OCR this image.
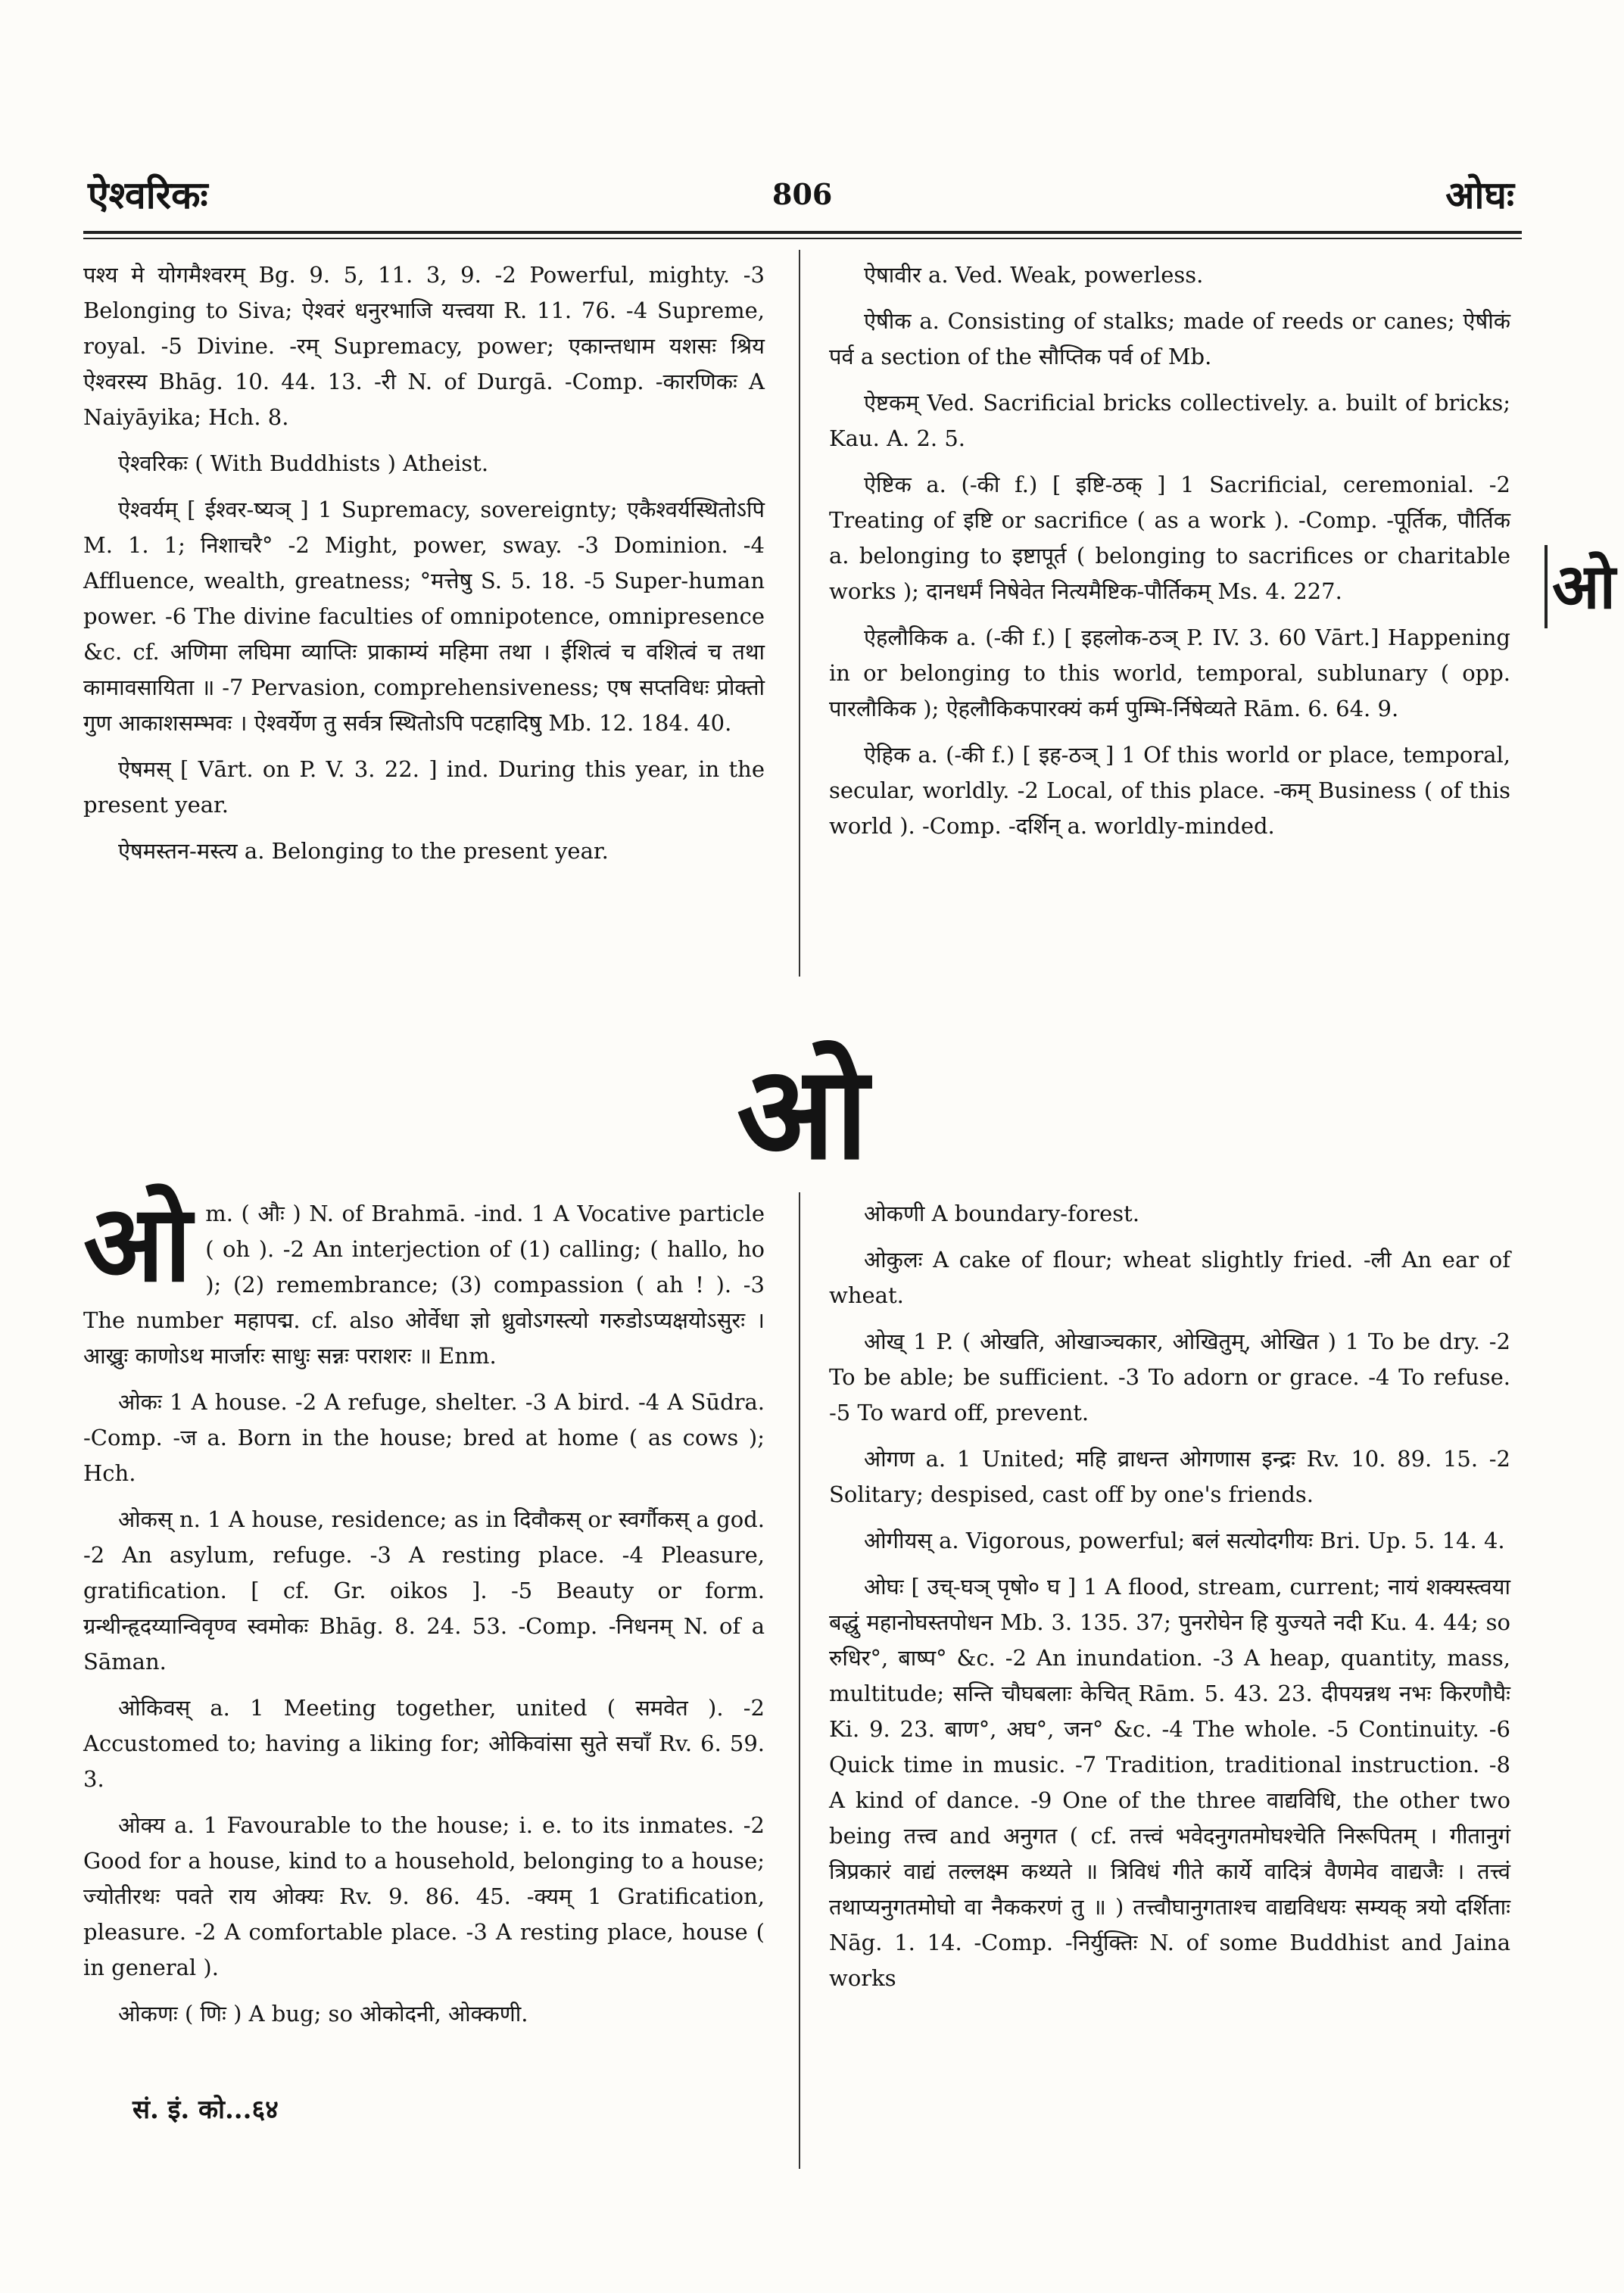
ऐश्वरिकः	806	ओघः
ओ

पश्य मे योगमैश्वरम् Bg. 9. 5, 11. 3, 9. -2 Powerful, mighty. -3 Belonging to Siva; ऐश्वरं धनुरभाजि यत्त्वया R. 11. 76. -4 Supreme, royal. -5 Divine. -रम् Supremacy, power; एकान्तधाम यशसः श्रिय ऐश्वरस्य Bhāg. 10. 44. 13. -री N. of Durgā. -Comp. -कारणिकः A Naiyāyika; Hch. 8.

ऐश्वरिकः ( With Buddhists ) Atheist.

ऐश्वर्यम् [ ईश्वर-ष्यञ् ] 1 Supremacy, sovereignty; एकैश्वर्यस्थितोऽपि M. 1. 1; निशाचरै° -2 Might, power, sway. -3 Dominion. -4 Affluence, wealth, greatness; °मत्तेषु S. 5. 18. -5 Super-human power. -6 The divine faculties of omnipotence, omnipresence &c. cf. अणिमा लघिमा व्याप्तिः प्राकाम्यं महिमा तथा । ईशित्वं च वशित्वं च तथा कामावसायिता ॥ -7 Pervasion, comprehensiveness; एष सप्तविधः प्रोक्तो गुण आकाशसम्भवः । ऐश्वर्येण तु सर्वत्र स्थितोऽपि पटहादिषु Mb. 12. 184. 40.

ऐषमस् [ Vārt. on P. V. 3. 22. ] ind. During this year, in the present year.

ऐषमस्तन-मस्त्य a. Belonging to the present year.

ऐषावीर a. Ved. Weak, powerless.

ऐषीक a. Consisting of stalks; made of reeds or canes; ऐषीकं पर्व a section of the सौप्तिक पर्व of Mb.

ऐष्टकम् Ved. Sacrificial bricks collectively. a. built of bricks; Kau. A. 2. 5.

ऐष्टिक a. (-की f.) [ इष्टि-ठक् ] 1 Sacrificial, ceremonial. -2 Treating of इष्टि or sacrifice ( as a work ). -Comp. -पूर्तिक, पौर्तिक a. belonging to इष्टापूर्त ( belonging to sacrifices or charitable works ); दानधर्मं निषेवेत नित्यमैष्टिक-पौर्तिकम् Ms. 4. 227.

ऐहलौकिक a. (-की f.) [ इहलोक-ठञ् P. IV. 3. 60 Vārt.] Happening in or belonging to this world, temporal, sublunary ( opp. पारलौकिक ); ऐहलौकिकपारक्यं कर्म पुम्भि-र्निषेव्यते Rām. 6. 64. 9.

ऐहिक a. (-की f.) [ इह-ठञ् ] 1 Of this world or place, temporal, secular, worldly. -2 Local, of this place. -कम् Business ( of this world ). -Comp. -दर्शिन् a. worldly-minded.

ओ

ओm. ( औः ) N. of Brahmā. -ind. 1 A Vocative particle ( oh ). -2 An interjection of (1) calling; ( hallo, ho ); (2) remembrance; (3) compassion ( ah ! ). -3 The number महापद्म. cf. also ओर्वेधा ज्ञो ध्रुवोऽगस्त्यो गरुडोऽप्यक्षयोऽसुरः । आख्रुः काणोऽथ मार्जारः साधुः सन्नः पराशरः ॥ Enm.

ओकः 1 A house. -2 A refuge, shelter. -3 A bird. -4 A Sūdra. -Comp. -ज a. Born in the house; bred at home ( as cows ); Hch.

ओकस् n. 1 A house, residence; as in दिवौकस् or स्वर्गौकस् a god. -2 An asylum, refuge. -3 A resting place. -4 Pleasure, gratification. [ cf. Gr. oikos ]. -5 Beauty or form. ग्रन्थीन्हृदय्यान्विवृण्व स्वमोकः Bhāg. 8. 24. 53. -Comp. -निधनम् N. of a Sāman.

ओकिवस् a. 1 Meeting together, united ( समवेत ). -2 Accustomed to; having a liking for; ओकिवांसा सुते सचाँ Rv. 6. 59. 3.

ओक्य a. 1 Favourable to the house; i. e. to its inmates. -2 Good for a house, kind to a household, belonging to a house; ज्योतीरथः पवते राय ओक्यः Rv. 9. 86. 45. -क्यम् 1 Gratification, pleasure. -2 A comfortable place. -3 A resting place, house ( in general ).

ओकणः ( णिः ) A bug; so ओकोदनी, ओक्कणी.

ओकणी A boundary-forest.

ओकुलः A cake of flour; wheat slightly fried. -ली An ear of wheat.

ओख् 1 P. ( ओखति, ओखाञ्चकार, ओखितुम्, ओखित ) 1 To be dry. -2 To be able; be sufficient. -3 To adorn or grace. -4 To refuse. -5 To ward off, prevent.

ओगण a. 1 United; महि व्राधन्त ओगणास इन्द्रः Rv. 10. 89. 15. -2 Solitary; despised, cast off by one's friends.

ओगीयस् a. Vigorous, powerful; बलं सत्योदगीयः Bri. Up. 5. 14. 4.

ओघः [ उच्-घञ् पृषो० घ ] 1 A flood, stream, current; नायं शक्यस्त्वया बद्धुं महानोघस्तपोधन Mb. 3. 135. 37; पुनरोघेन हि युज्यते नदी Ku. 4. 44; so रुधिर°, बाष्प° &c. -2 An inundation. -3 A heap, quantity, mass, multitude; सन्ति चौघबलाः केचित् Rām. 5. 43. 23. दीपयन्नथ नभः किरणौघैः Ki. 9. 23. बाण°, अघ°, जन° &c. -4 The whole. -5 Continuity. -6 Quick time in music. -7 Tradition, traditional instruction. -8 A kind of dance. -9 One of the three वाद्यविधि, the other two being तत्त्व and अनुगत ( cf. तत्त्वं भवेदनुगतमोघश्चेति निरूपितम् । गीतानुगं त्रिप्रकारं वाद्यं तल्लक्ष्म कथ्यते ॥ त्रिविधं गीते कार्ये वादित्रं वैणमेव वाद्यजैः । तत्त्वं तथाप्यनुगतमोघो वा नैककरणं तु ॥ ) तत्त्वौघानुगताश्च वाद्यविधयः सम्यक् त्रयो दर्शिताः Nāg. 1. 14. -Comp. -निर्युक्तिः N. of some Buddhist and Jaina works

सं. इं. को...६४
